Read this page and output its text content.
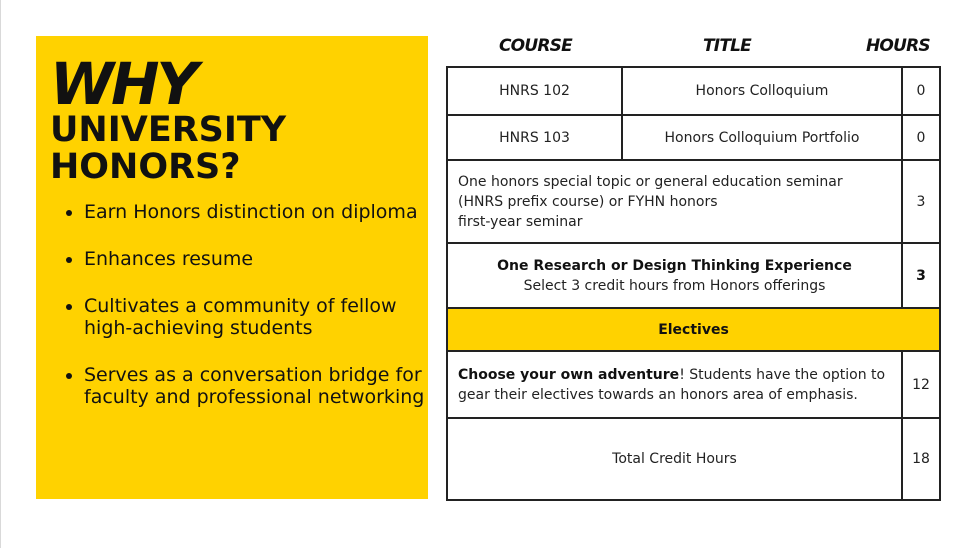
WHY
UNIVERSITY
HONORS?
• Earn Honors distinction on diploma
• Enhances resume
• Cultivates a community of fellow high-achieving students
• Serves as a conversation bridge for faculty and professional networking
COURSE	TITLE	HOURS
HNRS 102	Honors Colloquium	0
HNRS 103	Honors Colloquium Portfolio	0
One honors special topic or general education seminar
(HNRS prefix course) or FYHN honors
first-year seminar		3
One Research or Design Thinking Experience
Select 3 credit hours from Honors offerings		3
Electives		
Choose your own adventure! Students have the option to gear their electives towards an honors area of emphasis.		12
Total Credit Hours		18
